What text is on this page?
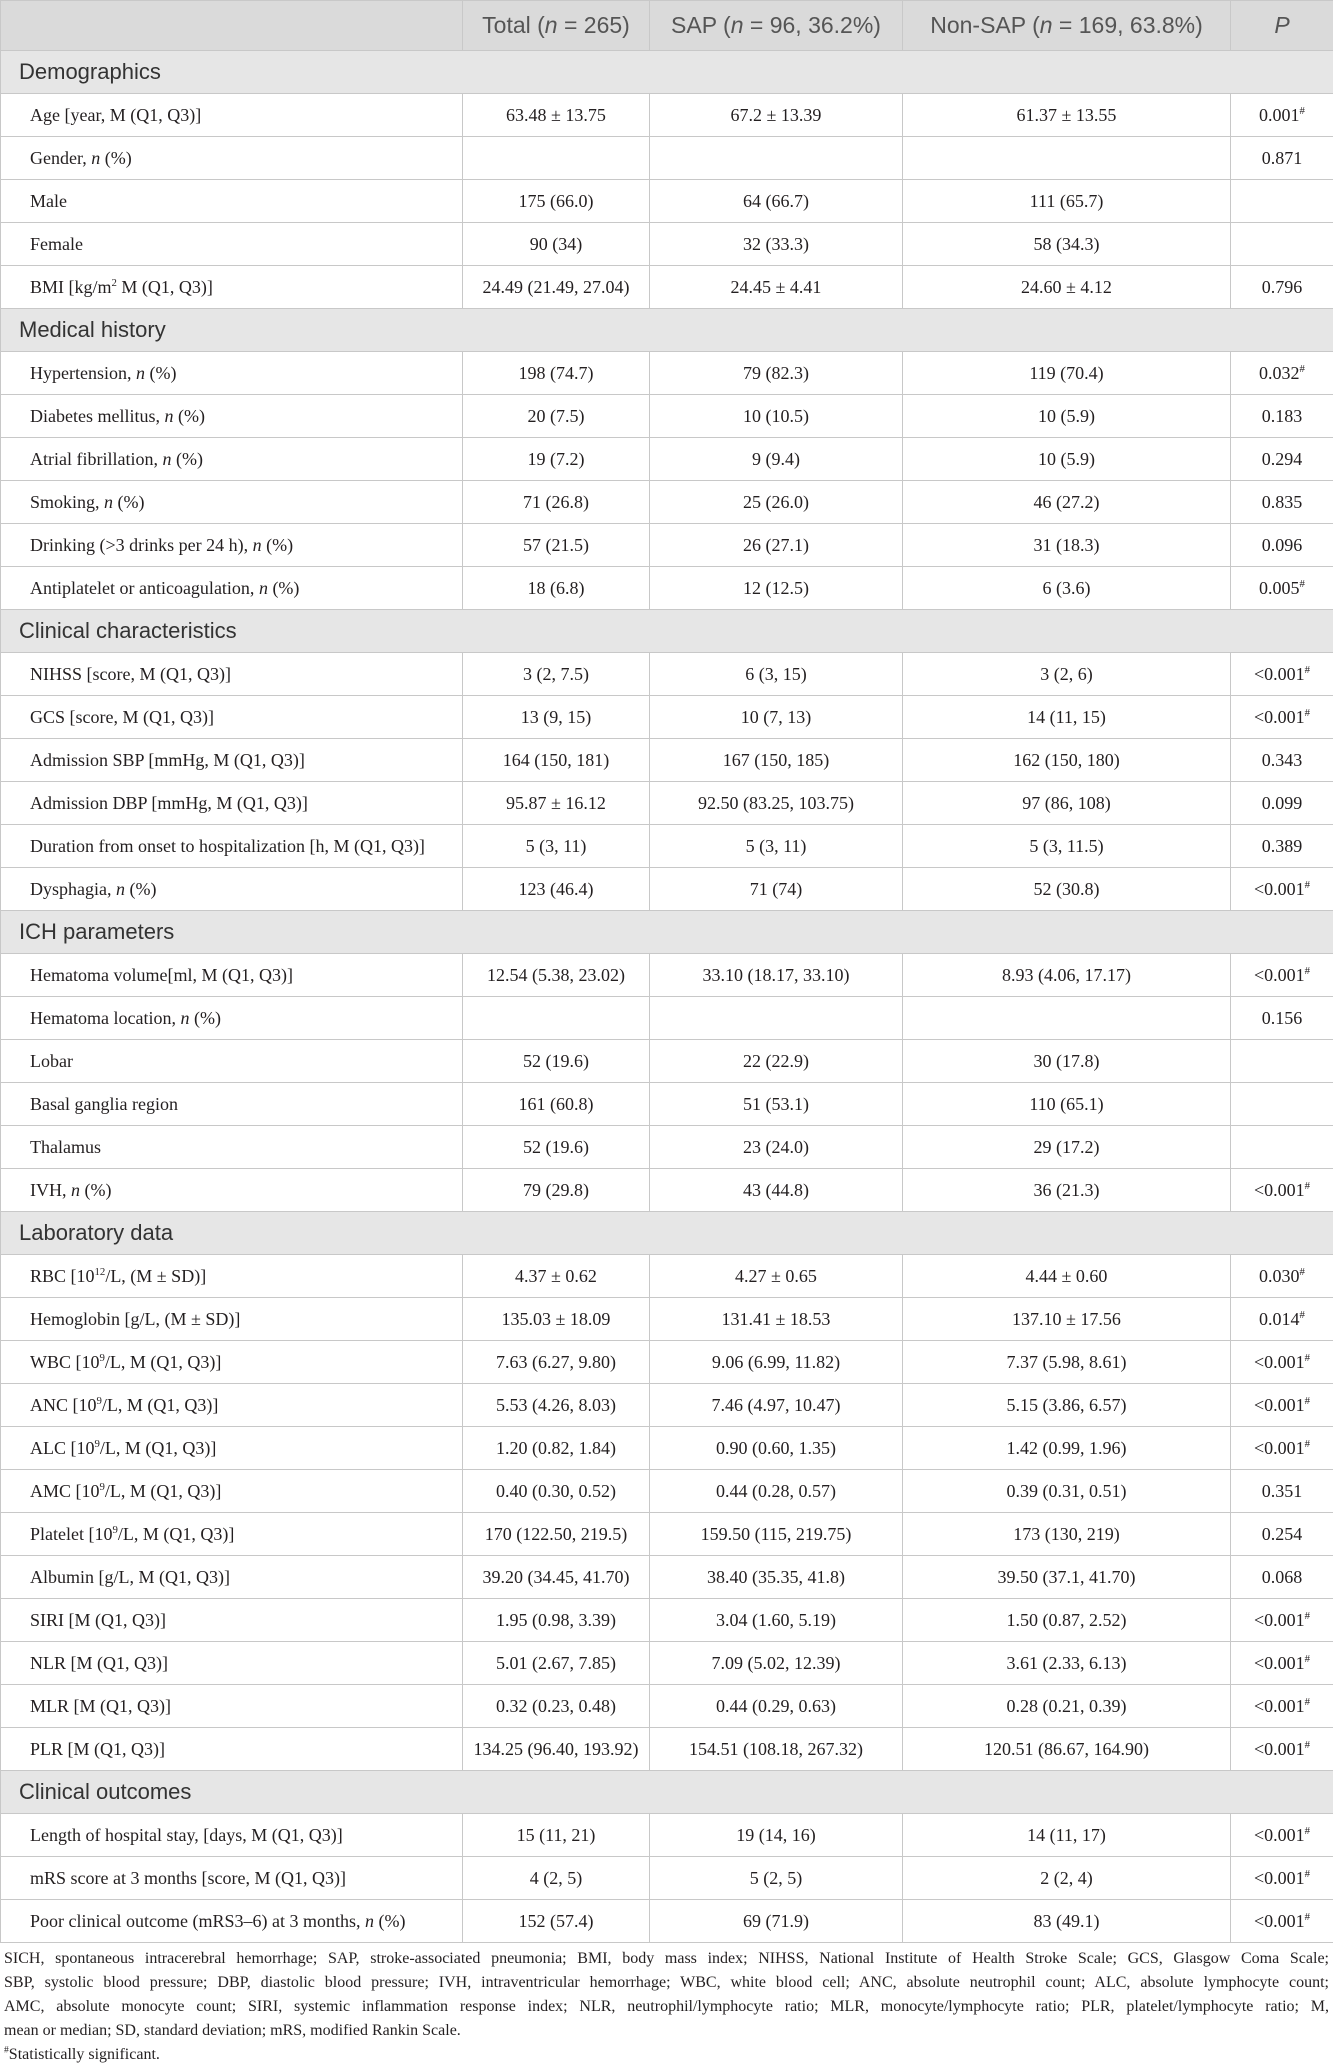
	Total (n = 265)	SAP (n = 96, 36.2%)	Non-SAP (n = 169, 63.8%)	P
Demographics				
Age [year, M (Q1, Q3)]	63.48 ± 13.75	67.2 ± 13.39	61.37 ± 13.55	0.001#
Gender, n (%)				0.871
Male	175 (66.0)	64 (66.7)	111 (65.7)	
Female	90 (34)	32 (33.3)	58 (34.3)	
BMI [$kg/m^2$ M (Q1, Q3)]	24.49 (21.49, 27.04)	24.45 ± 4.41	24.60 ± 4.12	0.796
Medical history				
Hypertension, n (%)	198 (74.7)	79 (82.3)	119 (70.4)	0.032#
Diabetes mellitus, n (%)	20 (7.5)	10 (10.5)	10 (5.9)	0.183
Atrial fibrillation, n (%)	19 (7.2)	9 (9.4)	10 (5.9)	0.294
Smoking, n (%)	71 (26.8)	25 (26.0)	46 (27.2)	0.835
Drinking (>3 drinks per 24 h), n (%)	57 (21.5)	26 (27.1)	31 (18.3)	0.096
Antiplatelet or anticoagulation, n (%)	18 (6.8)	12 (12.5)	6 (3.6)	0.005#
Clinical characteristics				
NIHSS [score, M (Q1, Q3)]	3 (2, 7.5)	6 (3, 15)	3 (2, 6)	<0.001#
GCS [score, M (Q1, Q3)]	13 (9, 15)	10 (7, 13)	14 (11, 15)	<0.001#
Admission SBP [mmHg, M (Q1, Q3)]	164 (150, 181)	167 (150, 185)	162 (150, 180)	0.343
Admission DBP [mmHg, M (Q1, Q3)]	95.87 ± 16.12	92.50 (83.25, 103.75)	97 (86, 108)	0.099
Duration from onset to hospitalization [h, M (Q1, Q3)]	5 (3, 11)	5 (3, 11)	5 (3, 11.5)	0.389
Dysphagia, n (%)	123 (46.4)	71 (74)	52 (30.8)	<0.001#
ICH parameters				
Hematoma volume[ml, M (Q1, Q3)]	12.54 (5.38, 23.02)	33.10 (18.17, 33.10)	8.93 (4.06, 17.17)	<0.001#
Hematoma location, n (%)				0.156
Lobar	52 (19.6)	22 (22.9)	30 (17.8)	
Basal ganglia region	161 (60.8)	51 (53.1)	110 (65.1)	
Thalamus	52 (19.6)	23 (24.0)	29 (17.2)	
IVH, n (%)	79 (29.8)	43 (44.8)	36 (21.3)	<0.001#
Laboratory data				
RBC [$10^{12}/L$, (M ± SD)]	4.37 ± 0.62	4.27 ± 0.65	4.44 ± 0.60	0.030#
Hemoglobin [g/L, (M ± SD)]	135.03 ± 18.09	131.41 ± 18.53	137.10 ± 17.56	0.014#
WBC [$10^9/L$, M (Q1, Q3)]	7.63 (6.27, 9.80)	9.06 (6.99, 11.82)	7.37 (5.98, 8.61)	<0.001#
ANC [$10^9/L$, M (Q1, Q3)]	5.53 (4.26, 8.03)	7.46 (4.97, 10.47)	5.15 (3.86, 6.57)	<0.001#
ALC [$10^9/L$, M (Q1, Q3)]	1.20 (0.82, 1.84)	0.90 (0.60, 1.35)	1.42 (0.99, 1.96)	<0.001#
AMC [$10^9/L$, M (Q1, Q3)]	0.40 (0.30, 0.52)	0.44 (0.28, 0.57)	0.39 (0.31, 0.51)	0.351
Platelet [$10^9/L$, M (Q1, Q3)]	170 (122.50, 219.5)	159.50 (115, 219.75)	173 (130, 219)	0.254
Albumin [g/L, M (Q1, Q3)]	39.20 (34.45, 41.70)	38.40 (35.35, 41.8)	39.50 (37.1, 41.70)	0.068
SIRI [M (Q1, Q3)]	1.95 (0.98, 3.39)	3.04 (1.60, 5.19)	1.50 (0.87, 2.52)	<0.001#
NLR [M (Q1, Q3)]	5.01 (2.67, 7.85)	7.09 (5.02, 12.39)	3.61 (2.33, 6.13)	<0.001#
MLR [M (Q1, Q3)]	0.32 (0.23, 0.48)	0.44 (0.29, 0.63)	0.28 (0.21, 0.39)	<0.001#
PLR [M (Q1, Q3)]	134.25 (96.40, 193.92)	154.51 (108.18, 267.32)	120.51 (86.67, 164.90)	<0.001#
Clinical outcomes				
Length of hospital stay, [days, M (Q1, Q3)]	15 (11, 21)	19 (14, 16)	14 (11, 17)	<0.001#
mRS score at 3 months [score, M (Q1, Q3)]	4 (2, 5)	5 (2, 5)	2 (2, 4)	<0.001#
Poor clinical outcome (mRS3–6) at 3 months, n (%)	152 (57.4)	69 (71.9)	83 (49.1)	<0.001#
SICH, spontaneous intracerebral hemorrhage; SAP, stroke-associated pneumonia; BMI, body mass index; NIHSS, National Institute of Health Stroke Scale; GCS, Glasgow Coma Scale;
SBP, systolic blood pressure; DBP, diastolic blood pressure; IVH, intraventricular hemorrhage; WBC, white blood cell; ANC, absolute neutrophil count; ALC, absolute lymphocyte count;
AMC, absolute monocyte count; SIRI, systemic inflammation response index; NLR, neutrophil/lymphocyte ratio; MLR, monocyte/lymphocyte ratio; PLR, platelet/lymphocyte ratio; M,
mean or median; SD, standard deviation; mRS, modified Rankin Scale.
#Statistically significant.
